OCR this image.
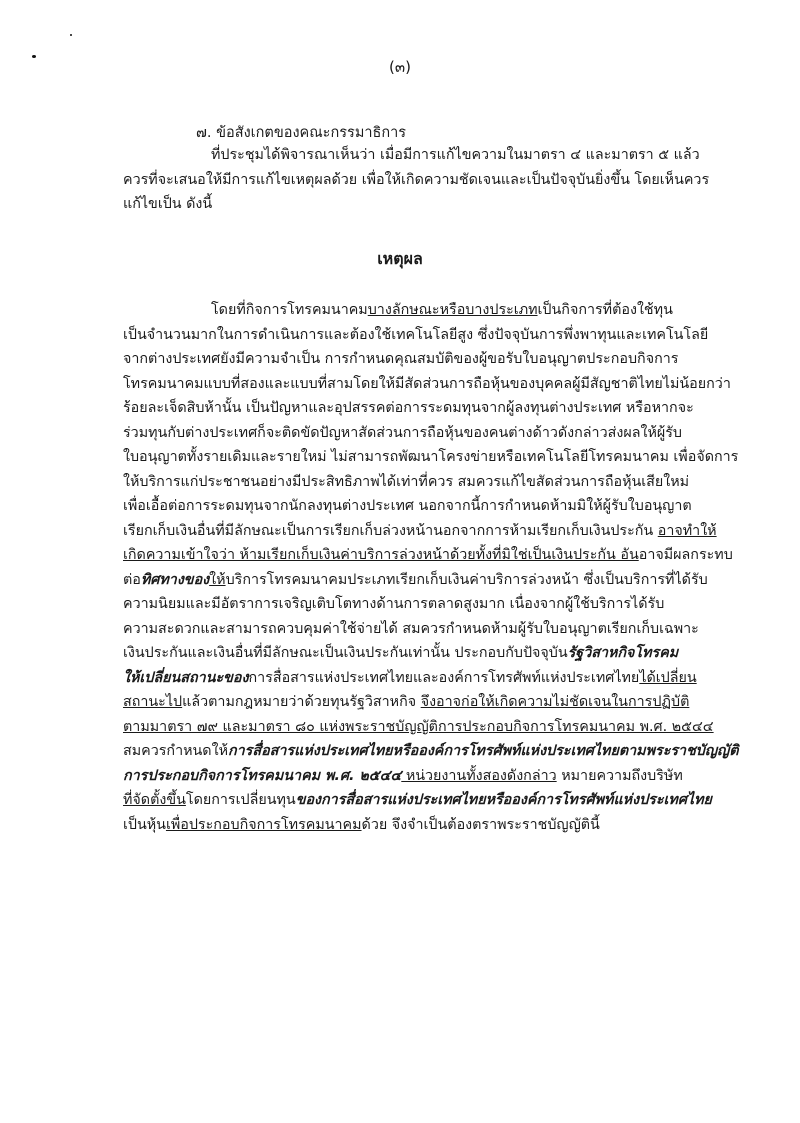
(๓)
๗. ข้อสังเกตของคณะกรรมาธิการ
ที่ประชุมได้พิจารณาเห็นว่า เมื่อมีการแก้ไขความในมาตรา ๔ และมาตรา ๕ แล้ว
ควรที่จะเสนอให้มีการแก้ไขเหตุผลด้วย เพื่อให้เกิดความชัดเจนและเป็นปัจจุบันยิ่งขึ้น โดยเห็นควร
แก้ไขเป็น ดังนี้
เหตุผล
โดยที่กิจการโทรคมนาคมบางลักษณะหรือบางประเภทเป็นกิจการที่ต้องใช้ทุน
เป็นจำนวนมากในการดำเนินการและต้องใช้เทคโนโลยีสูง ซึ่งปัจจุบันการพึ่งพาทุนและเทคโนโลยี
จากต่างประเทศยังมีความจำเป็น การกำหนดคุณสมบัติของผู้ขอรับใบอนุญาตประกอบกิจการ
โทรคมนาคมแบบที่สองและแบบที่สามโดยให้มีสัดส่วนการถือหุ้นของบุคคลผู้มีสัญชาติไทยไม่น้อยกว่า
ร้อยละเจ็ดสิบห้านั้น เป็นปัญหาและอุปสรรคต่อการระดมทุนจากผู้ลงทุนต่างประเทศ หรือหากจะ
ร่วมทุนกับต่างประเทศก็จะติดขัดปัญหาสัดส่วนการถือหุ้นของคนต่างด้าวดังกล่าวส่งผลให้ผู้รับ
ใบอนุญาตทั้งรายเดิมและรายใหม่ ไม่สามารถพัฒนาโครงข่ายหรือเทคโนโลยีโทรคมนาคม เพื่อจัดการ
ให้บริการแก่ประชาชนอย่างมีประสิทธิภาพได้เท่าที่ควร สมควรแก้ไขสัดส่วนการถือหุ้นเสียใหม่
เพื่อเอื้อต่อการระดมทุนจากนักลงทุนต่างประเทศ นอกจากนี้การกำหนดห้ามมิให้ผู้รับใบอนุญาต
เรียกเก็บเงินอื่นที่มีลักษณะเป็นการเรียกเก็บล่วงหน้านอกจากการห้ามเรียกเก็บเงินประกัน อาจทำให้
เกิดความเข้าใจว่า ห้ามเรียกเก็บเงินค่าบริการล่วงหน้าด้วยทั้งที่มิใช่เป็นเงินประกัน อันอาจมีผลกระทบ
ต่อทิศทางของให้บริการโทรคมนาคมประเภทเรียกเก็บเงินค่าบริการล่วงหน้า ซึ่งเป็นบริการที่ได้รับ
ความนิยมและมีอัตราการเจริญเติบโตทางด้านการตลาดสูงมาก เนื่องจากผู้ใช้บริการได้รับ
ความสะดวกและสามารถควบคุมค่าใช้จ่ายได้ สมควรกำหนดห้ามผู้รับใบอนุญาตเรียกเก็บเฉพาะ
เงินประกันและเงินอื่นที่มีลักษณะเป็นเงินประกันเท่านั้น ประกอบกับปัจจุบันรัฐวิสาหกิจโทรคม
ให้เปลี่ยนสถานะของการสื่อสารแห่งประเทศไทยและองค์การโทรศัพท์แห่งประเทศไทยได้เปลี่ยน
สถานะไปแล้วตามกฎหมายว่าด้วยทุนรัฐวิสาหกิจ จึงอาจก่อให้เกิดความไม่ชัดเจนในการปฏิบัติ
ตามมาตรา ๗๙ และมาตรา ๘๐ แห่งพระราชบัญญัติการประกอบกิจการโทรคมนาคม พ.ศ. ๒๕๔๔
สมควรกำหนดให้การสื่อสารแห่งประเทศไทยหรือองค์การโทรศัพท์แห่งประเทศไทยตามพระราชบัญญัติ
การประกอบกิจการโทรคมนาคม พ.ศ. ๒๕๔๔ หน่วยงานทั้งสองดังกล่าว หมายความถึงบริษัท
ที่จัดตั้งขึ้นโดยการเปลี่ยนทุนของการสื่อสารแห่งประเทศไทยหรือองค์การโทรศัพท์แห่งประเทศไทย
เป็นหุ้นเพื่อประกอบกิจการโทรคมนาคมด้วย จึงจำเป็นต้องตราพระราชบัญญัตินี้
